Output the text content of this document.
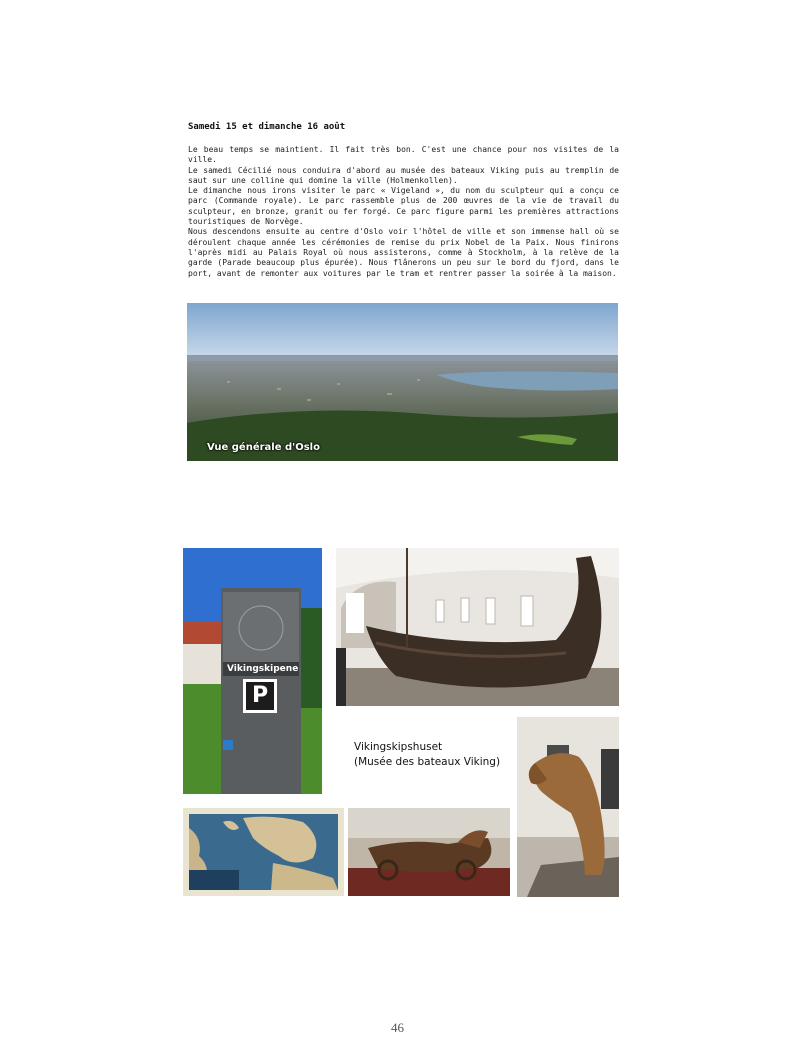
Samedi 15 et dimanche 16 août

Le beau temps se maintient. Il fait très bon. C'est une chance pour nos visites de la ville.

Le samedi Cécilié nous conduira d'abord au musée des bateaux Viking puis au tremplin de saut sur une colline qui domine la ville (Holmenkollen).

Le dimanche nous irons visiter le parc « Vigeland », du nom du sculpteur qui a conçu ce parc (Commande royale). Le parc rassemble plus de 200 œuvres de la vie de travail du sculpteur, en bronze, granit ou fer forgé. Ce parc figure parmi les premières attractions touristiques de Norvège.

Nous descendons ensuite au centre d'Oslo voir l'hôtel de ville et son immense hall où se déroulent chaque année les cérémonies de remise du prix Nobel de la Paix. Nous finirons l'après midi au Palais Royal où nous assisterons, comme à Stockholm, à la relève de la garde (Parade beaucoup plus épurée). Nous flânerons un peu sur le bord du fjord, dans le port, avant de remonter aux voitures par le tram et rentrer passer la soirée à la maison.

Vue générale d'Oslo
Vikingskipene
P
Vikingskipshuset
(Musée des bateaux Viking)
46
